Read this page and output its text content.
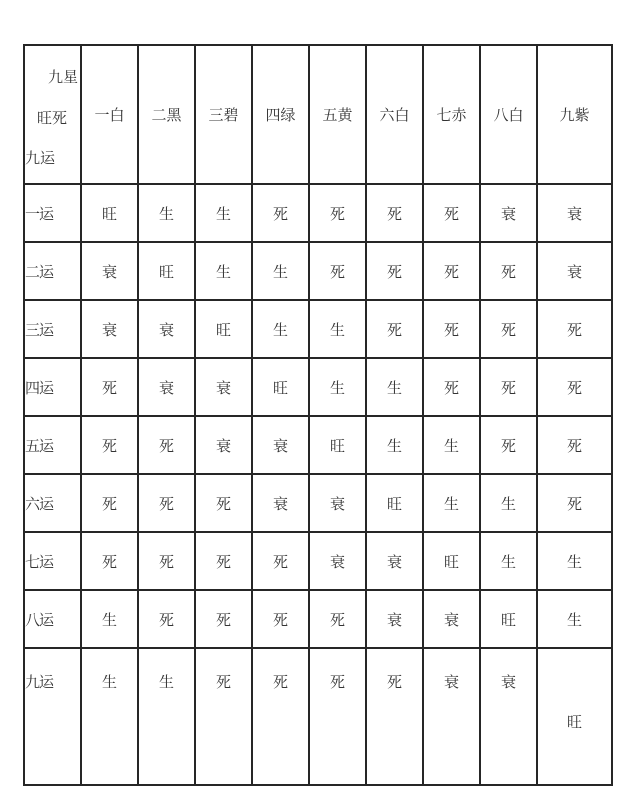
九星
旺死
九运	一白	二黑	三碧	四绿	五黄	六白	七赤	八白	九紫
一运	旺	生	生	死	死	死	死	衰	衰
二运	衰	旺	生	生	死	死	死	死	衰
三运	衰	衰	旺	生	生	死	死	死	死
四运	死	衰	衰	旺	生	生	死	死	死
五运	死	死	衰	衰	旺	生	生	死	死
六运	死	死	死	衰	衰	旺	生	生	死
七运	死	死	死	死	衰	衰	旺	生	生
八运	生	死	死	死	死	衰	衰	旺	生
九运	生	生	死	死	死	死	衰	衰	旺
